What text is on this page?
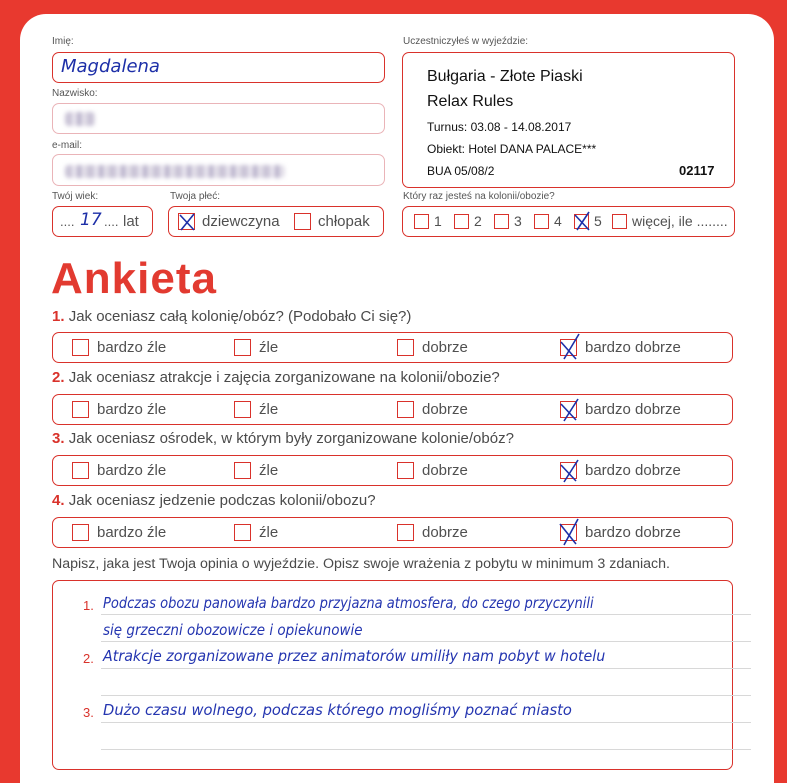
Imię:
Magdalena
Nazwisko:
e-mail:
Twój wiek:
.... 17 .... lat
Twoja płeć:
dziewczyna	chłopak
Uczestniczyłeś w wyjeździe:
Bułgaria - Złote Piaski
Relax Rules
Turnus: 03.08 - 14.08.2017
Obiekt: Hotel DANA PALACE***
BUA 05/08/2	02117
Który raz jesteś na kolonii/obozie?
1 2 3 4 5 więcej, ile ........
Ankieta
1. Jak oceniasz całą kolonię/obóz? (Podobało Ci się?)
bardzo źle	źle	dobrze	bardzo dobrze
2. Jak oceniasz atrakcje i zajęcia zorganizowane na kolonii/obozie?
bardzo źle	źle	dobrze	bardzo dobrze
3. Jak oceniasz ośrodek, w którym były zorganizowane kolonie/obóz?
bardzo źle	źle	dobrze	bardzo dobrze
4. Jak oceniasz jedzenie podczas kolonii/obozu?
bardzo źle	źle	dobrze	bardzo dobrze
Napisz, jaka jest Twoja opinia o wyjeździe. Opisz swoje wrażenia z pobytu w minimum 3 zdaniach.
1. Podczas obozu panowała bardzo przyjazna atmosfera, do czego przyczynili
się grzeczni obozowicze i opiekunowie
2. Atrakcje zorganizowane przez animatorów umiliły nam pobyt w hotelu
3. Dużo czasu wolnego, podczas którego mogliśmy poznać miasto
